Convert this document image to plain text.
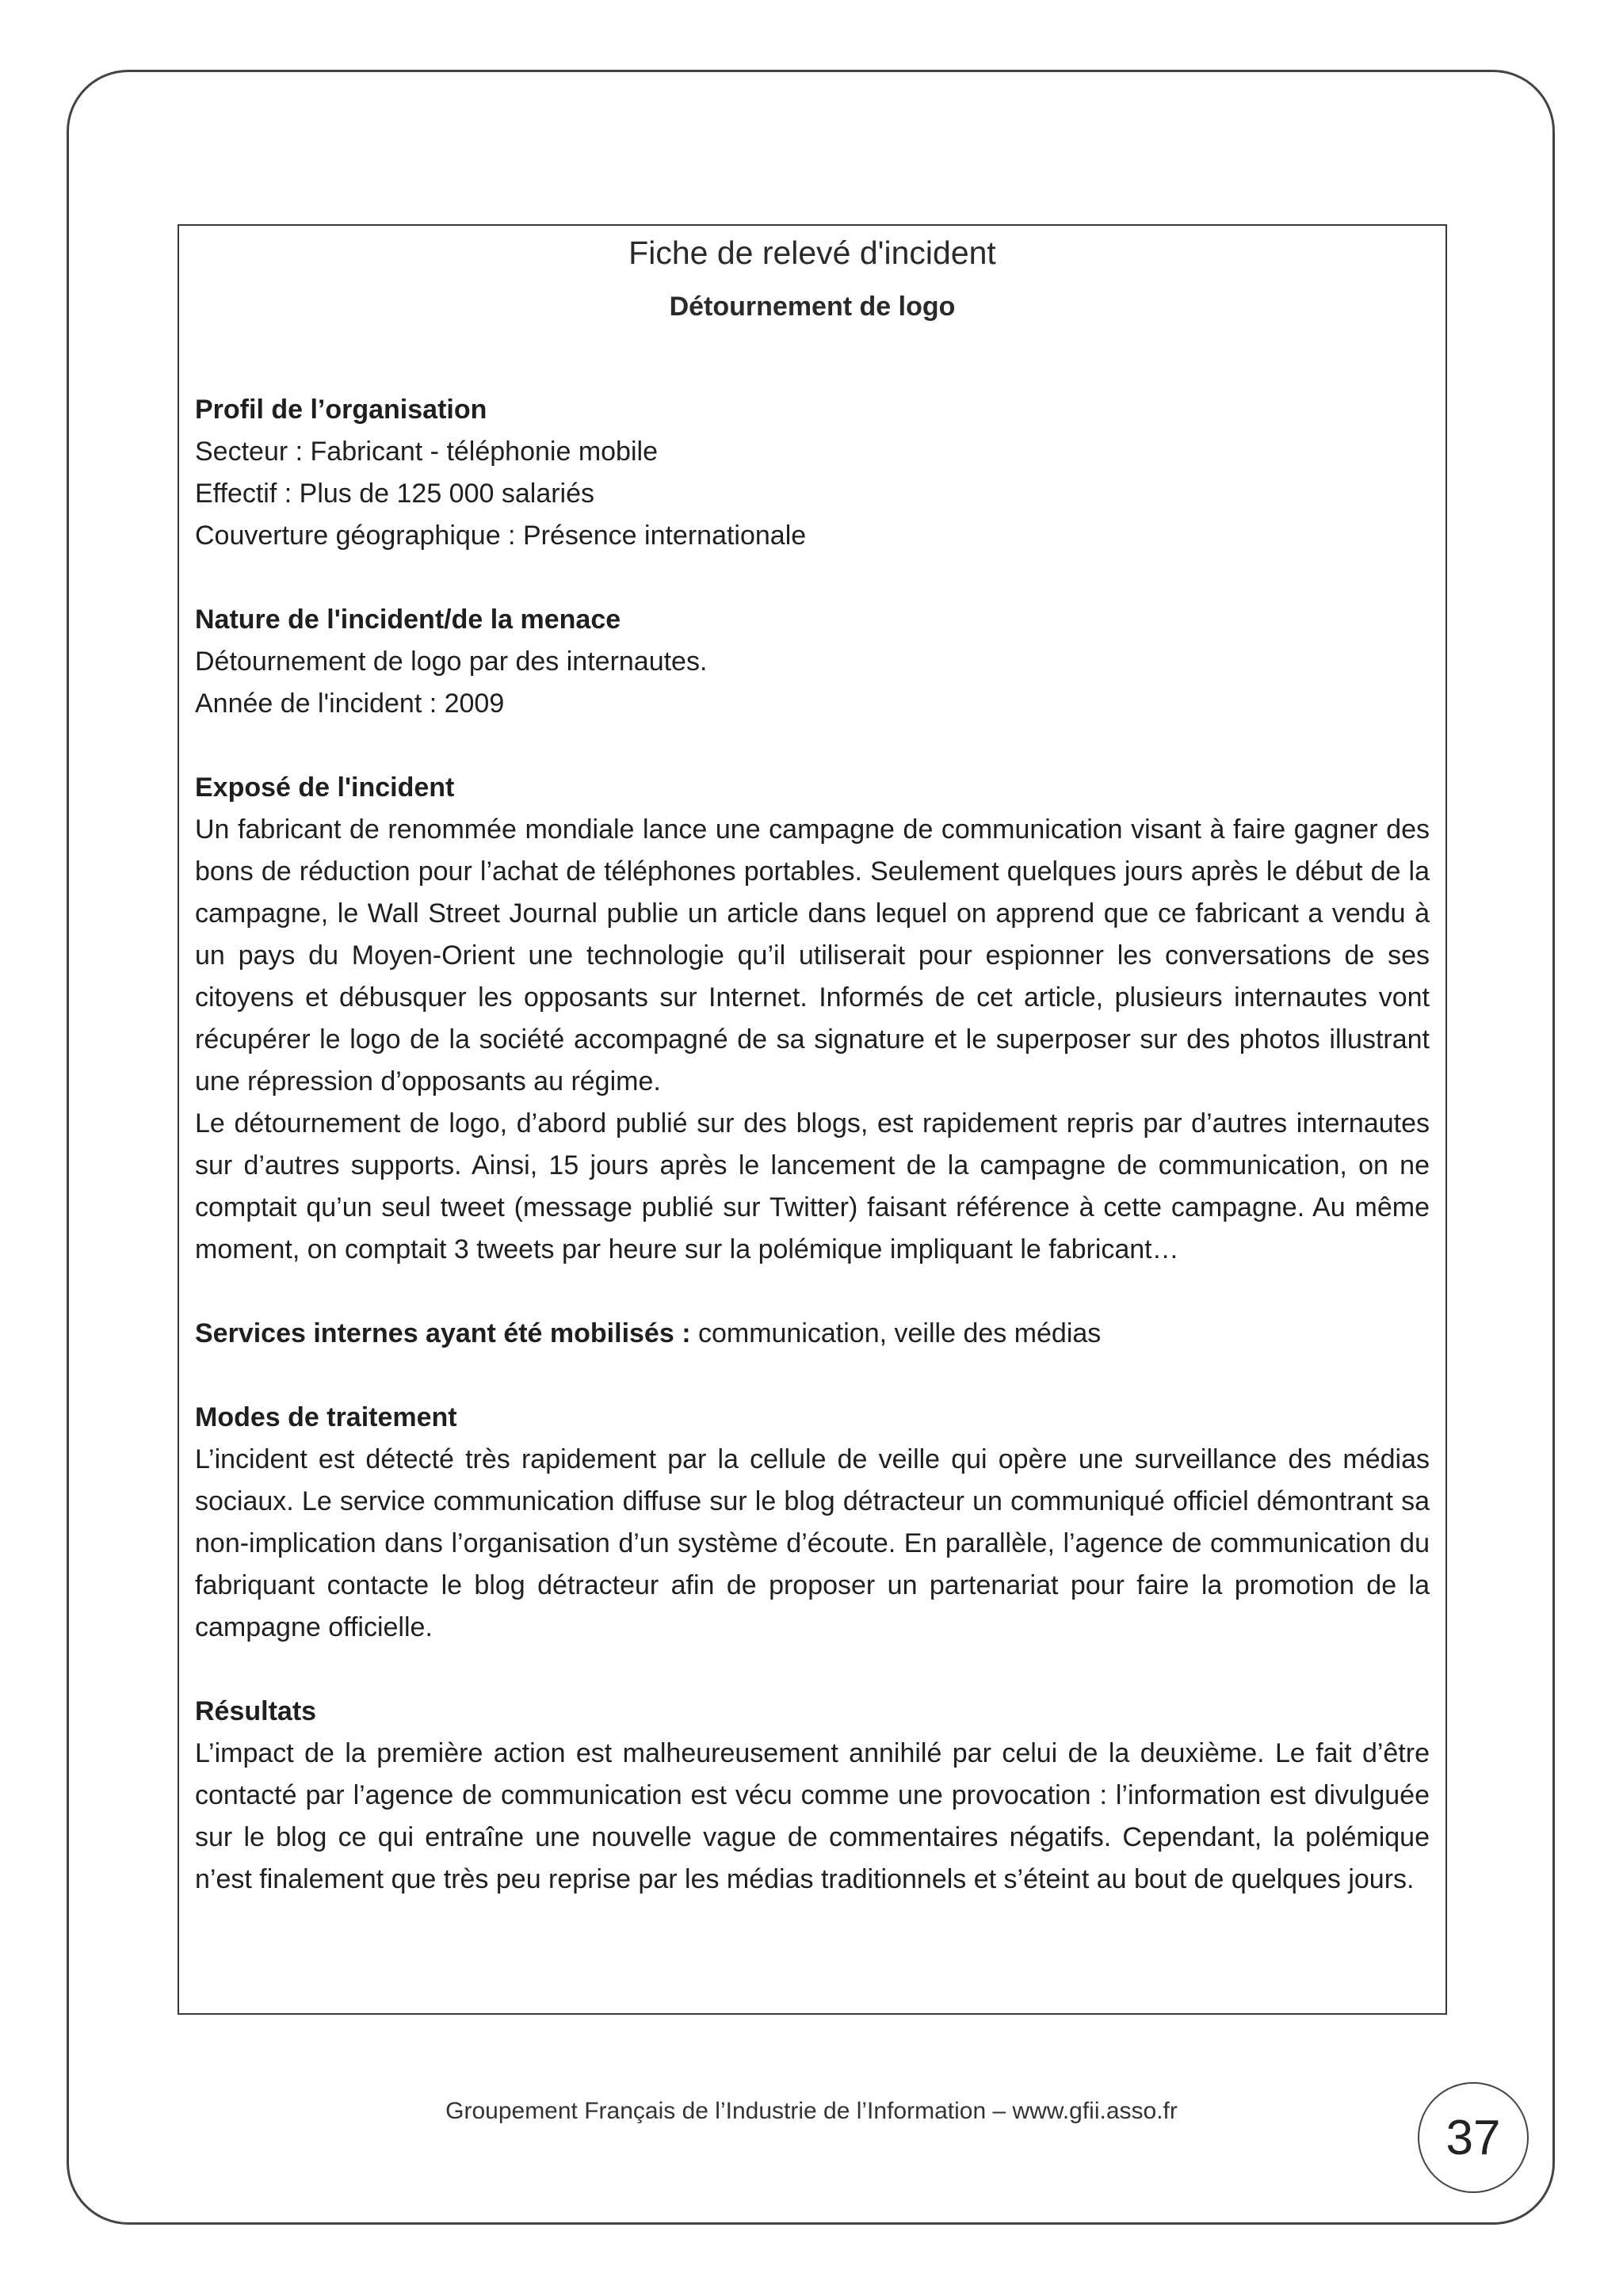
Fiche de relevé d'incident
Détournement de logo
Profil de l’organisation
Secteur : Fabricant - téléphonie mobile
Effectif : Plus de 125 000 salariés
Couverture géographique : Présence internationale
Nature de l'incident/de la menace
Détournement de logo par des internautes.
Année de l'incident : 2009
Exposé de l'incident
Un fabricant de renommée mondiale lance une campagne de communication visant à faire gagner des bons de réduction pour l’achat de téléphones portables. Seulement quelques jours après le début de la campagne, le Wall Street Journal publie un article dans lequel on apprend que ce fabricant a vendu à un pays du Moyen-Orient une technologie qu’il utiliserait pour espionner les conversations de ses citoyens et débusquer les opposants sur Internet. Informés de cet article, plusieurs internautes vont récupérer le logo de la société accompagné de sa signature et le superposer sur des photos illustrant une répression d’opposants au régime.
Le détournement de logo, d’abord publié sur des blogs, est rapidement repris par d’autres internautes sur d’autres supports. Ainsi, 15 jours après le lancement de la campagne de communication, on ne comptait qu’un seul tweet (message publié sur Twitter) faisant référence à cette campagne. Au même moment, on comptait 3 tweets par heure sur la polémique impliquant le fabricant…
Services internes ayant été mobilisés : communication, veille des médias
Modes de traitement
L’incident est détecté très rapidement par la cellule de veille qui opère une surveillance des médias sociaux. Le service communication diffuse sur le blog détracteur un communiqué officiel démontrant sa non-implication dans l’organisation d’un système d’écoute. En parallèle, l’agence de communication du fabriquant contacte le blog détracteur afin de proposer un partenariat pour faire la promotion de la campagne officielle.
Résultats
L’impact de la première action est malheureusement annihilé par celui de la deuxième. Le fait d’être contacté par l’agence de communication est vécu comme une provocation : l’information est divulguée sur le blog ce qui entraîne une nouvelle vague de commentaires négatifs. Cependant, la polémique n’est finalement que très peu reprise par les médias traditionnels et s’éteint au bout de quelques jours.
Groupement Français de l’Industrie de l’Information – www.gfii.asso.fr	37
